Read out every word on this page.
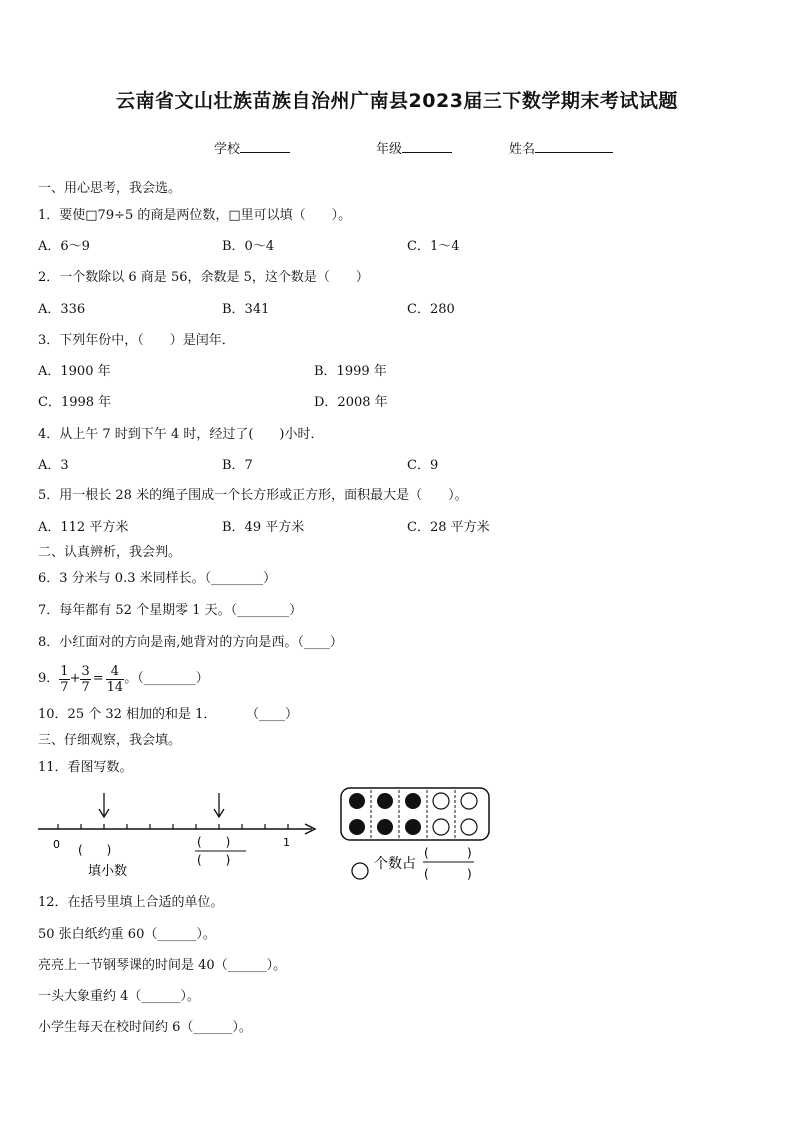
云南省文山壮族苗族自治州广南县2023届三下数学期末考试试题
学校	年级	姓名
一、用心思考，我会选。
1．要使□79÷5 的商是两位数，□里可以填（　　）。
A．6～9	B．0～4	C．1～4
2．一个数除以 6 商是 56，余数是 5，这个数是（　　）
A．336	B．341	C．280
3．下列年份中，（　　）是闰年．
A．1900 年	B．1999 年
C．1998 年	D．2008 年
4．从上午 7 时到下午 4 时，经过了(　　)小时．
A．3	B．7	C．9
5．用一根长 28 米的绳子围成一个长方形或正方形，面积最大是（　　）。
A．112 平方米	B．49 平方米	C．28 平方米
二、认真辨析，我会判。
6．3 分米与 0.3 米同样长。（________）
7．每年都有 52 个星期零 1 天。（________）
8．小红面对的方向是南,她背对的方向是西。（____）
9． $\frac{1}{7} + \frac{3}{7} = \frac{4}{14}$ 。（________）
10．25 个 32 相加的和是 1． （____）
三、仔细观察，我会填。
11．看图写数。
0	1
(　　)
填小数
(　　)
(　　)	个数占
(	)
(	)
12．在括号里填上合适的单位。
50 张白纸约重 60（______）。
亮亮上一节钢琴课的时间是 40（______）。
一头大象重约 4（______）。
小学生每天在校时间约 6（______）。
